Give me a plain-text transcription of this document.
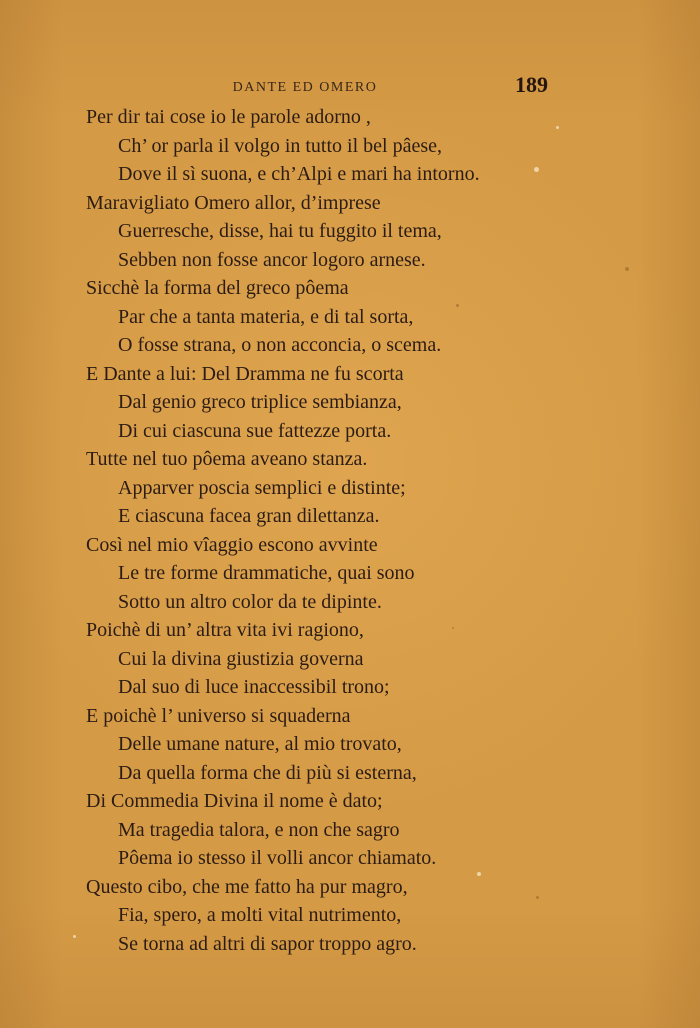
DANTE ED OMERO	189
Per dir tai cose io le parole adorno ,
Ch’ or parla il volgo in tutto il bel pâese,
Dove il sì suona, e ch’Alpi e mari ha intorno.
Maravigliato Omero allor, d’imprese
Guerresche, disse, hai tu fuggito il tema,
Sebben non fosse ancor logoro arnese.
Sicchè la forma del greco pôema
Par che a tanta materia, e di tal sorta,
O fosse strana, o non acconcia, o scema.
E Dante a lui: Del Dramma ne fu scorta
Dal genio greco triplice sembianza,
Di cui ciascuna sue fattezze porta.
Tutte nel tuo pôema aveano stanza.
Apparver poscia semplici e distinte;
E ciascuna facea gran dilettanza.
Così nel mio vîaggio escono avvinte
Le tre forme drammatiche, quai sono
Sotto un altro color da te dipinte.
Poichè di un’ altra vita ivi ragiono,
Cui la divina giustizia governa
Dal suo di luce inaccessibil trono;
E poichè l’ universo si squaderna
Delle umane nature, al mio trovato,
Da quella forma che di più si esterna,
Di Commedia Divina il nome è dato;
Ma tragedia talora, e non che sagro
Pôema io stesso il volli ancor chiamato.
Questo cibo, che me fatto ha pur magro,
Fia, spero, a molti vital nutrimento,
Se torna ad altri di sapor troppo agro.
